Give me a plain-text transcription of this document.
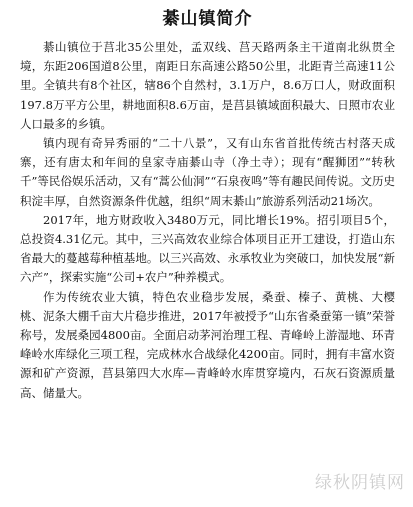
綦山镇简介

綦山镇位于莒北35公里处，孟双线、莒天路两条主干道南北纵贯全境，东距206国道8公里，南距日东高速公路50公里，北距青兰高速11公里。全镇共有8个社区，辖86个自然村，3.1万户，8.6万口人，财政面积197.8万平方公里，耕地面积8.6万亩，是莒县镇域面积最大、日照市农业人口最多的乡镇。

镇内现有奇异秀丽的“二十八景”，又有山东省首批传统古村落天成寨，还有唐太和年间的皇家寺庙綦山寺（净土寺）；现有“醒狮团”“转秋千”等民俗娱乐活动，又有“蒿公仙洞”“石泉夜鸣”等有趣民间传说。文历史积淀丰厚，自然资源条件优越，组织“周末綦山”旅游系列活动21场次。

2017年，地方财政收入3480万元，同比增长19%。招引项目5个，总投资4.31亿元。其中，三兴高效农业综合体项目正开工建设，打造山东省最大的蔓越莓种植基地。以三兴高效、永承牧业为突破口，加快发展“新六产”，探索实施“公司+农户”种养模式。

作为传统农业大镇，特色农业稳步发展，桑蚕、榛子、黄桃、大樱桃、泥条大棚千亩大片稳步推进，2017年被授予“山东省桑蚕第一镇”荣誉称号，发展桑园4800亩。全面启动茅河治理工程、青峰岭上游湿地、环青峰岭水库绿化三项工程，完成林水合战绿化4200亩。同时，拥有丰富水资源和矿产资源，莒县第四大水库—青峰岭水库贯穿境内，石灰石资源质量高、储量大。

绿秋阴镇网
